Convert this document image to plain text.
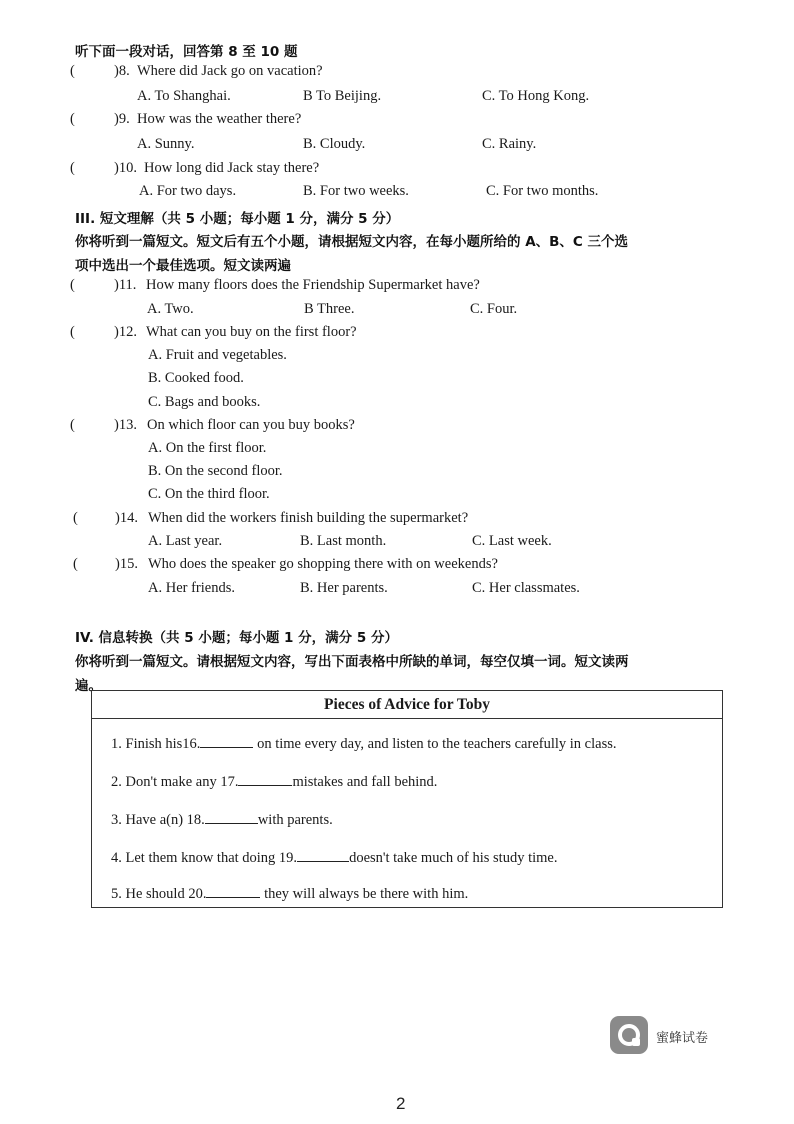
听下面一段对话，回答第 8 至 10 题
(	)8. Where did Jack go on vacation?
A. To Shanghai.	B To Beijing.	C. To Hong Kong.
(	)9. How was the weather there?
A. Sunny.	B. Cloudy.	C. Rainy.
(	)10. How long did Jack stay there?
A. For two days.	B. For two weeks.	C. For two months.
III. 短文理解（共 5 小题；每小题 1 分，满分 5 分）
你将听到一篇短文。短文后有五个小题，请根据短文内容，在每小题所给的 A、B、C 三个选
项中选出一个最佳选项。短文读两遍
(	)11. How many floors does the Friendship Supermarket have?
A. Two.	B Three.	C. Four.
(	)12. What can you buy on the first floor?
A. Fruit and vegetables.
B. Cooked food.
C. Bags and books.
(	)13. On which floor can you buy books?
A. On the first floor.
B. On the second floor.
C. On the third floor.
(	)14. When did the workers finish building the supermarket?
A. Last year.	B. Last month.	C. Last week.
(	)15. Who does the speaker go shopping there with on weekends?
A. Her friends.	B. Her parents.	C. Her classmates.
IV. 信息转换（共 5 小题；每小题 1 分，满分 5 分）
你将听到一篇短文。请根据短文内容，写出下面表格中所缺的单词，每空仅填一词。短文读两
遍。
Pieces of Advice for Toby
1. Finish his16.	on time every day, and listen to the teachers carefully in class.
2. Don't make any 17.	mistakes and fall behind.
3. Have a(n) 18.	with parents.
4. Let them know that doing 19.	doesn't take much of his study time.
5. He should 20.	they will always be there with him.
蜜蜂试卷
2
